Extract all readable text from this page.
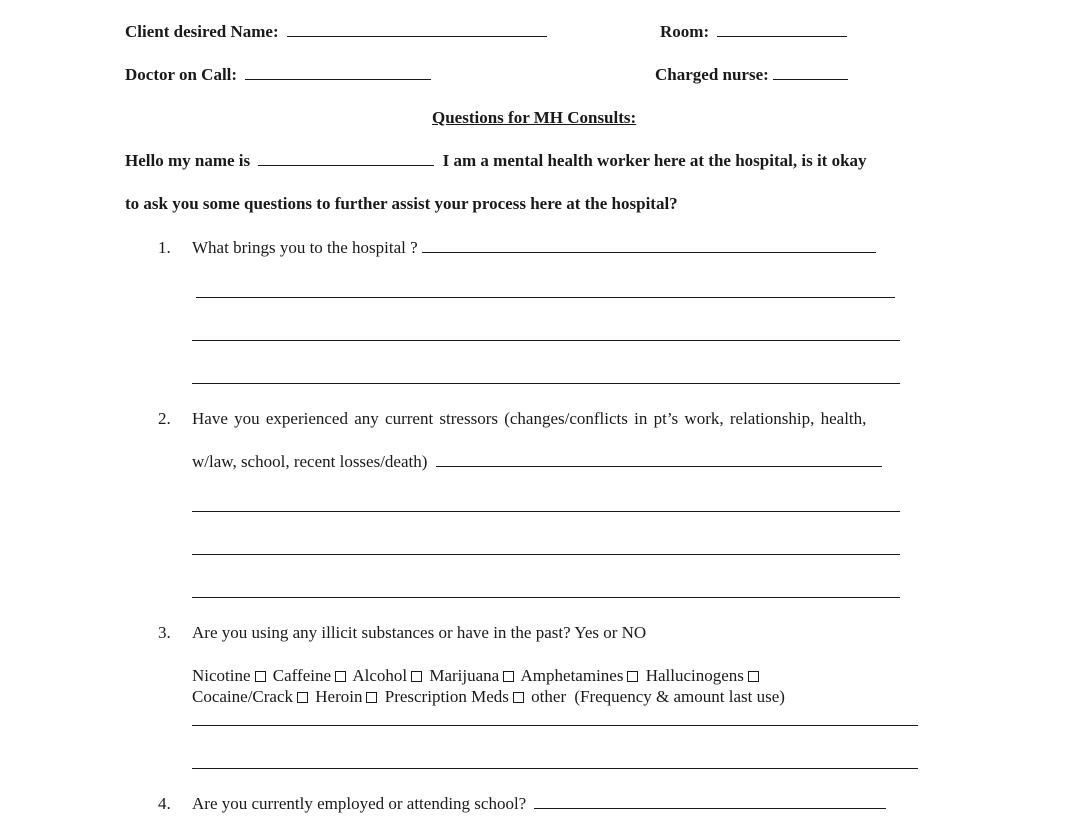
Client desired Name:	Room:
Doctor on Call:	Charged nurse:
Questions for MH Consults:
Hello my name is	I am a mental health worker here at the hospital, is it okay
to ask you some questions to further assist your process here at the hospital?
1. What brings you to the hospital ?
2. Have you experienced any current stressors (changes/conflicts in pt’s work, relationship, health,
w/law, school, recent losses/death)
3. Are you using any illicit substances or have in the past? Yes or NO
Nicotine Caffeine Alcohol Marijuana Amphetamines Hallucinogens
Cocaine/Crack Heroin Prescription Meds other (Frequency & amount last use)
4. Are you currently employed or attending school?
